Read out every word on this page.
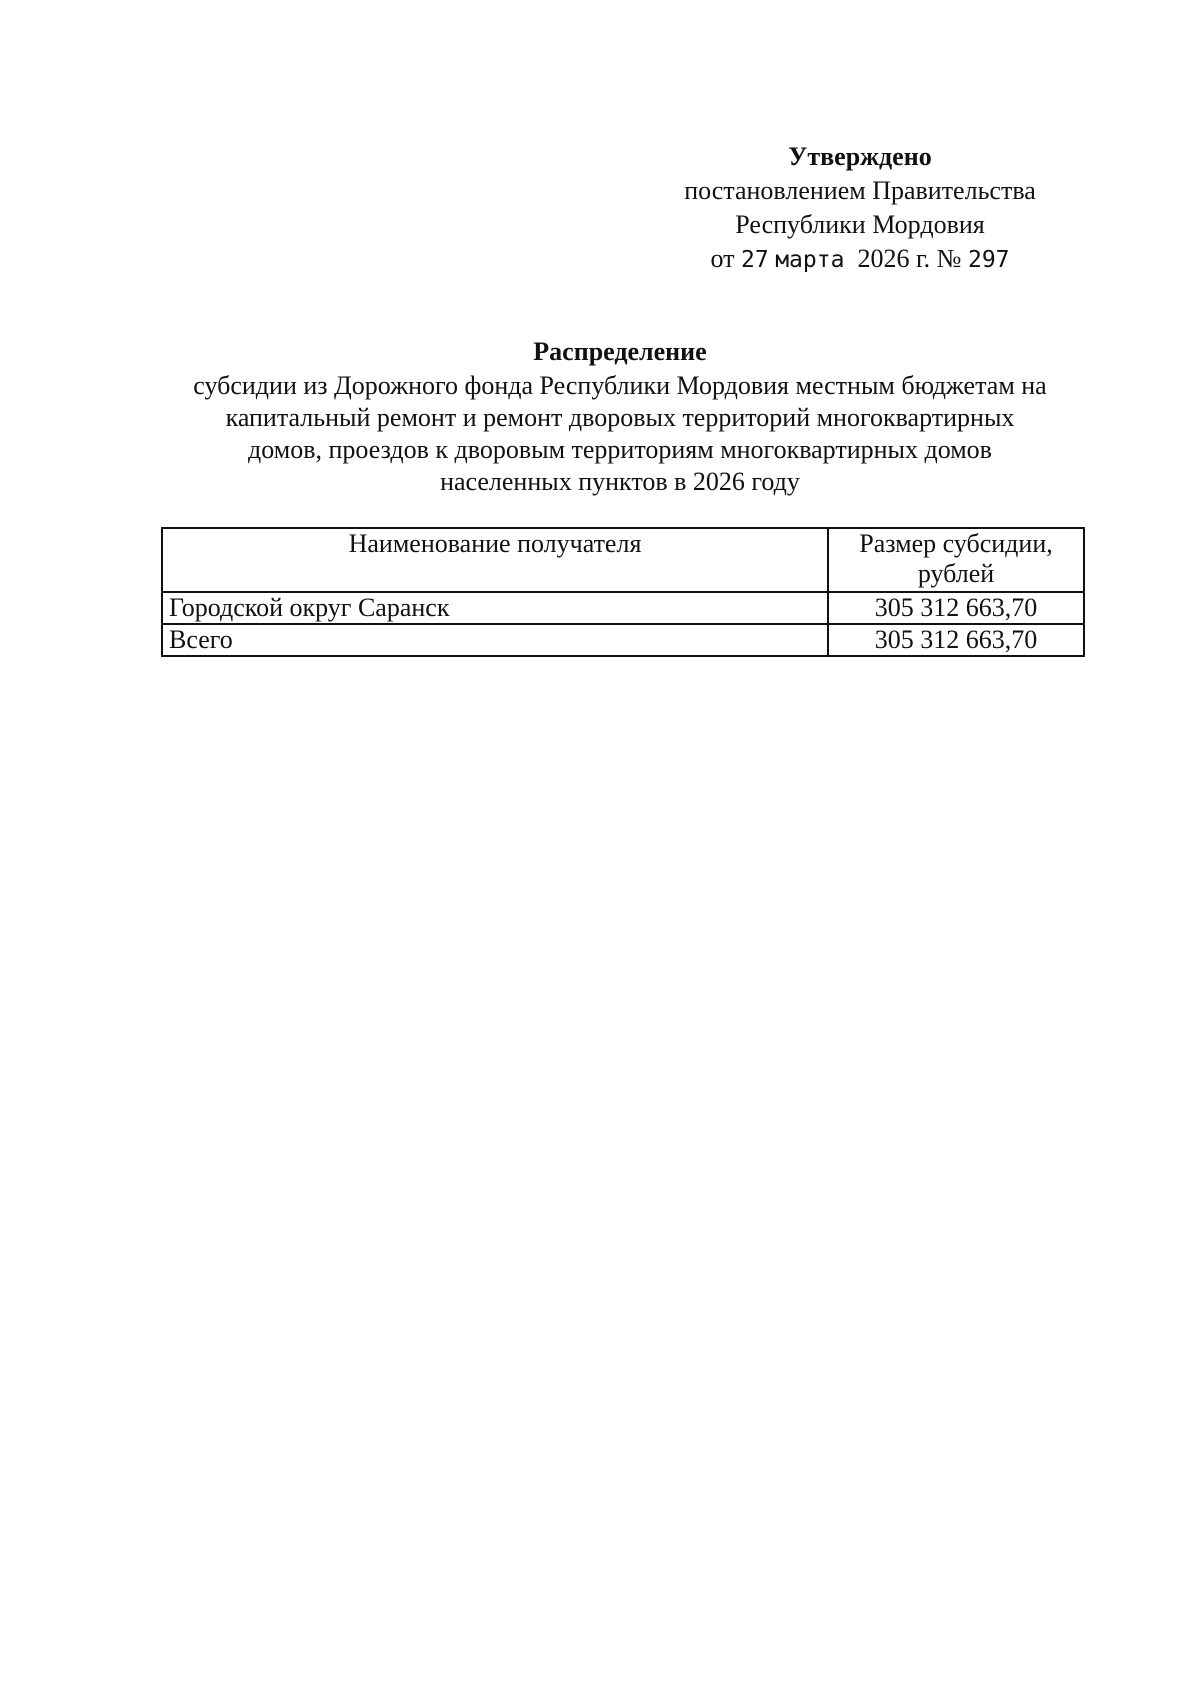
Утверждено
постановлением Правительства
Республики Мордовия
от 27 марта 2026 г. № 297
Распределение
субсидии из Дорожного фонда Республики Мордовия местным бюджетам на
капитальный ремонт и ремонт дворовых территорий многоквартирных
домов, проездов к дворовым территориям многоквартирных домов
населенных пунктов в 2026 году
Наименование получателя	Размер субсидии, рублей
Городской округ Саранск	305 312 663,70
Всего	305 312 663,70
